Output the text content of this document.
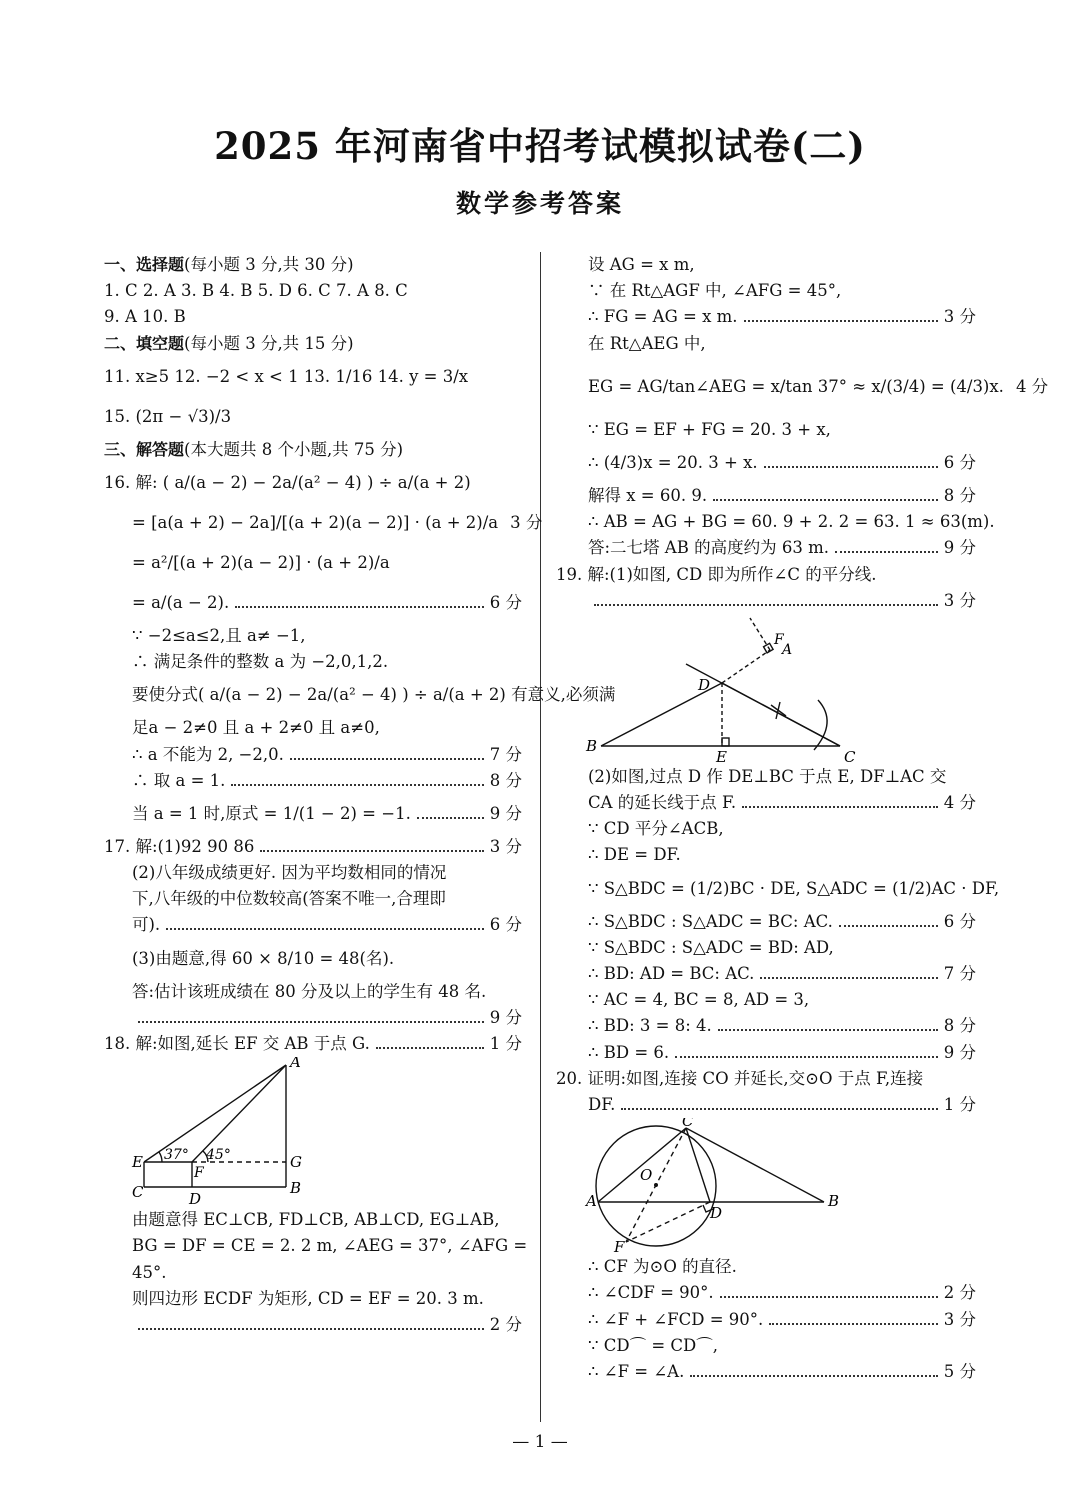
2025 年河南省中招考试模拟试卷(二)
数学参考答案
一、选择题(每小题 3 分,共 30 分)
1. C 2. A 3. B 4. B 5. D 6. C 7. A 8. C
9. A 10. B
二、填空题(每小题 3 分,共 15 分)
11. x≥5 12. −2 < x < 1 13. 1/16 14. y = 3/x
15. (2π − √3)/3
三、解答题(本大题共 8 个小题,共 75 分)
16. 解: ( a/(a − 2) − 2a/(a² − 4) ) ÷ a/(a + 2)
= [a(a + 2) − 2a]/[(a + 2)(a − 2)] · (a + 2)/a 3 分
= a²/[(a + 2)(a − 2)] · (a + 2)/a
= a/(a − 2).	6 分
∵ −2≤a≤2,且 a≠ −1,
∴ 满足条件的整数 a 为 −2,0,1,2.
要使分式( a/(a − 2) − 2a/(a² − 4) ) ÷ a/(a + 2) 有意义,必须满
足a − 2≠0 且 a + 2≠0 且 a≠0,
∴ a 不能为 2, −2,0.	7 分
∴ 取 a = 1.	8 分
当 a = 1 时,原式 = 1/(1 − 2) = −1.	9 分
17. 解:(1)92 90 86	3 分
(2)八年级成绩更好. 因为平均数相同的情况
下,八年级的中位数较高(答案不唯一,合理即
可).	6 分
(3)由题意,得 60 × 8/10 = 48(名).
答:估计该班成绩在 80 分及以上的学生有 48 名.
9 分
18. 解:如图,延长 EF 交 AB 于点 G.	1 分
A
G
B
E
C	D
F
37° 45°
由题意得 EC⊥CB, FD⊥CB, AB⊥CD, EG⊥AB,
BG = DF = CE = 2. 2 m, ∠AEG = 37°, ∠AFG =
45°.
则四边形 ECDF 为矩形, CD = EF = 20. 3 m.
2 分
设 AG = x m,
∵ 在 Rt△AGF 中, ∠AFG = 45°,
∴ FG = AG = x m.	3 分
在 Rt△AEG 中,
EG = AG/tan∠AEG = x/tan 37° ≈ x/(3/4) = (4/3)x. 4 分
∵ EG = EF + FG = 20. 3 + x,
∴ (4/3)x = 20. 3 + x.	6 分
解得 x = 60. 9.	8 分
∴ AB = AG + BG = 60. 9 + 2. 2 = 63. 1 ≈ 63(m).
答:二七塔 AB 的高度约为 63 m.	9 分
19. 解:(1)如图, CD 即为所作∠C 的平分线.
3 分
B
C
E
D
F
A
(2)如图,过点 D 作 DE⊥BC 于点 E, DF⊥AC 交
CA 的延长线于点 F.	4 分
∵ CD 平分∠ACB,
∴ DE = DF.
∵ S△BDC = (1/2)BC · DE, S△ADC = (1/2)AC · DF,
∴ S△BDC : S△ADC = BC: AC.	6 分
∵ S△BDC : S△ADC = BD: AD,
∴ BD: AD = BC: AC.	7 分
∵ AC = 4, BC = 8, AD = 3,
∴ BD: 3 = 8: 4.	8 分
∴ BD = 6.	9 分
20. 证明:如图,连接 CO 并延长,交⊙O 于点 F,连接
DF.	1 分
C
O
A
D
B
F
∴ CF 为⊙O 的直径.
∴ ∠CDF = 90°.	2 分
∴ ∠F + ∠FCD = 90°.	3 分
∵ CD⌒ = CD⌒,
∴ ∠F = ∠A.	5 分
— 1 —
